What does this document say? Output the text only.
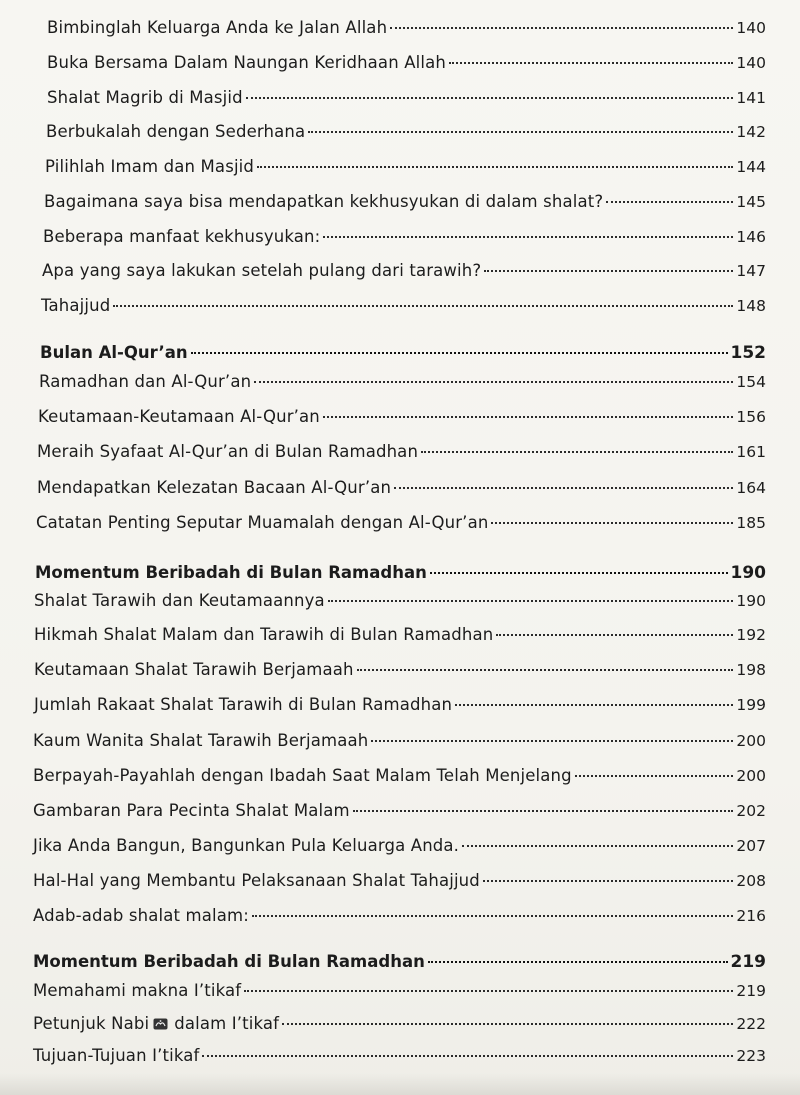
Bimbinglah Keluarga Anda ke Jalan Allah	140
Buka Bersama Dalam Naungan Keridhaan Allah	140
Shalat Magrib di Masjid	141
Berbukalah dengan Sederhana	142
Pilihlah Imam dan Masjid	144
Bagaimana saya bisa mendapatkan kekhusyukan di dalam shalat?	145
Beberapa manfaat kekhusyukan:	146
Apa yang saya lakukan setelah pulang dari tarawih?	147
Tahajjud	148
Bulan Al-Qur’an	152
Ramadhan dan Al-Qur’an	154
Keutamaan-Keutamaan Al-Qur’an	156
Meraih Syafaat Al-Qur’an di Bulan Ramadhan	161
Mendapatkan Kelezatan Bacaan Al-Qur’an	164
Catatan Penting Seputar Muamalah dengan Al-Qur’an	185
Momentum Beribadah di Bulan Ramadhan	190
Shalat Tarawih dan Keutamaannya	190
Hikmah Shalat Malam dan Tarawih di Bulan Ramadhan	192
Keutamaan Shalat Tarawih Berjamaah	198
Jumlah Rakaat Shalat Tarawih di Bulan Ramadhan	199
Kaum Wanita Shalat Tarawih Berjamaah	200
Berpayah-Payahlah dengan Ibadah Saat Malam Telah Menjelang	200
Gambaran Para Pecinta Shalat Malam	202
Jika Anda Bangun, Bangunkan Pula Keluarga Anda.	207
Hal-Hal yang Membantu Pelaksanaan Shalat Tahajjud	208
Adab-adab shalat malam:	216
Momentum Beribadah di Bulan Ramadhan	219
Memahami makna I’tikaf	219
Petunjuk Nabi dalam I’tikaf	222
Tujuan-Tujuan I’tikaf	223
